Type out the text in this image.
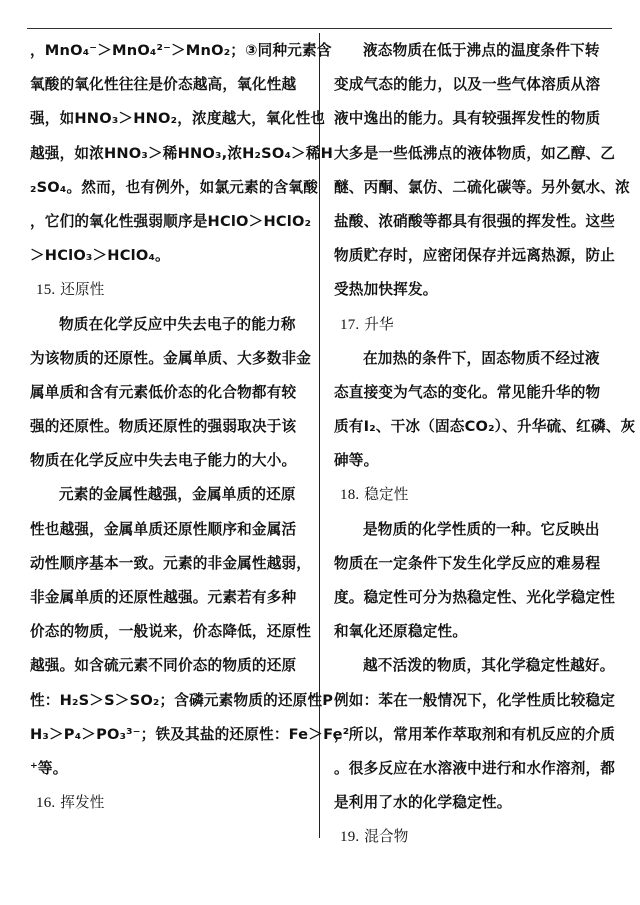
，MnO₄⁻＞MnO₄²⁻＞MnO₂；③同种元素含
氧酸的氧化性往往是价态越高，氧化性越
强，如HNO₃＞HNO₂，浓度越大，氧化性也
越强，如浓HNO₃＞稀HNO₃,浓H₂SO₄＞稀H
₂SO₄。然而，也有例外，如氯元素的含氧酸
，它们的氧化性强弱顺序是HClO＞HClO₂
＞HClO₃＞HClO₄。
15. 还原性
物质在化学反应中失去电子的能力称
为该物质的还原性。金属单质、大多数非金
属单质和含有元素低价态的化合物都有较
强的还原性。物质还原性的强弱取决于该
物质在化学反应中失去电子能力的大小。
元素的金属性越强，金属单质的还原
性也越强，金属单质还原性顺序和金属活
动性顺序基本一致。元素的非金属性越弱，
非金属单质的还原性越强。元素若有多种
价态的物质，一般说来，价态降低，还原性
越强。如含硫元素不同价态的物质的还原
性：H₂S＞S＞SO₂；含磷元素物质的还原性P
H₃＞P₄＞PO₃³⁻；铁及其盐的还原性：Fe＞Fe²
⁺等。
16. 挥发性
液态物质在低于沸点的温度条件下转
变成气态的能力，以及一些气体溶质从溶
液中逸出的能力。具有较强挥发性的物质
大多是一些低沸点的液体物质，如乙醇、乙
醚、丙酮、氯仿、二硫化碳等。另外氨水、浓
盐酸、浓硝酸等都具有很强的挥发性。这些
物质贮存时，应密闭保存并远离热源，防止
受热加快挥发。
17. 升华
在加热的条件下，固态物质不经过液
态直接变为气态的变化。常见能升华的物
质有I₂、干冰（固态CO₂）、升华硫、红磷、灰
砷等。
18. 稳定性
是物质的化学性质的一种。它反映出
物质在一定条件下发生化学反应的难易程
度。稳定性可分为热稳定性、光化学稳定性
和氧化还原稳定性。
越不活泼的物质，其化学稳定性越好。
例如：苯在一般情况下，化学性质比较稳定
，所以，常用苯作萃取剂和有机反应的介质
。很多反应在水溶液中进行和水作溶剂，都
是利用了水的化学稳定性。
19. 混合物
